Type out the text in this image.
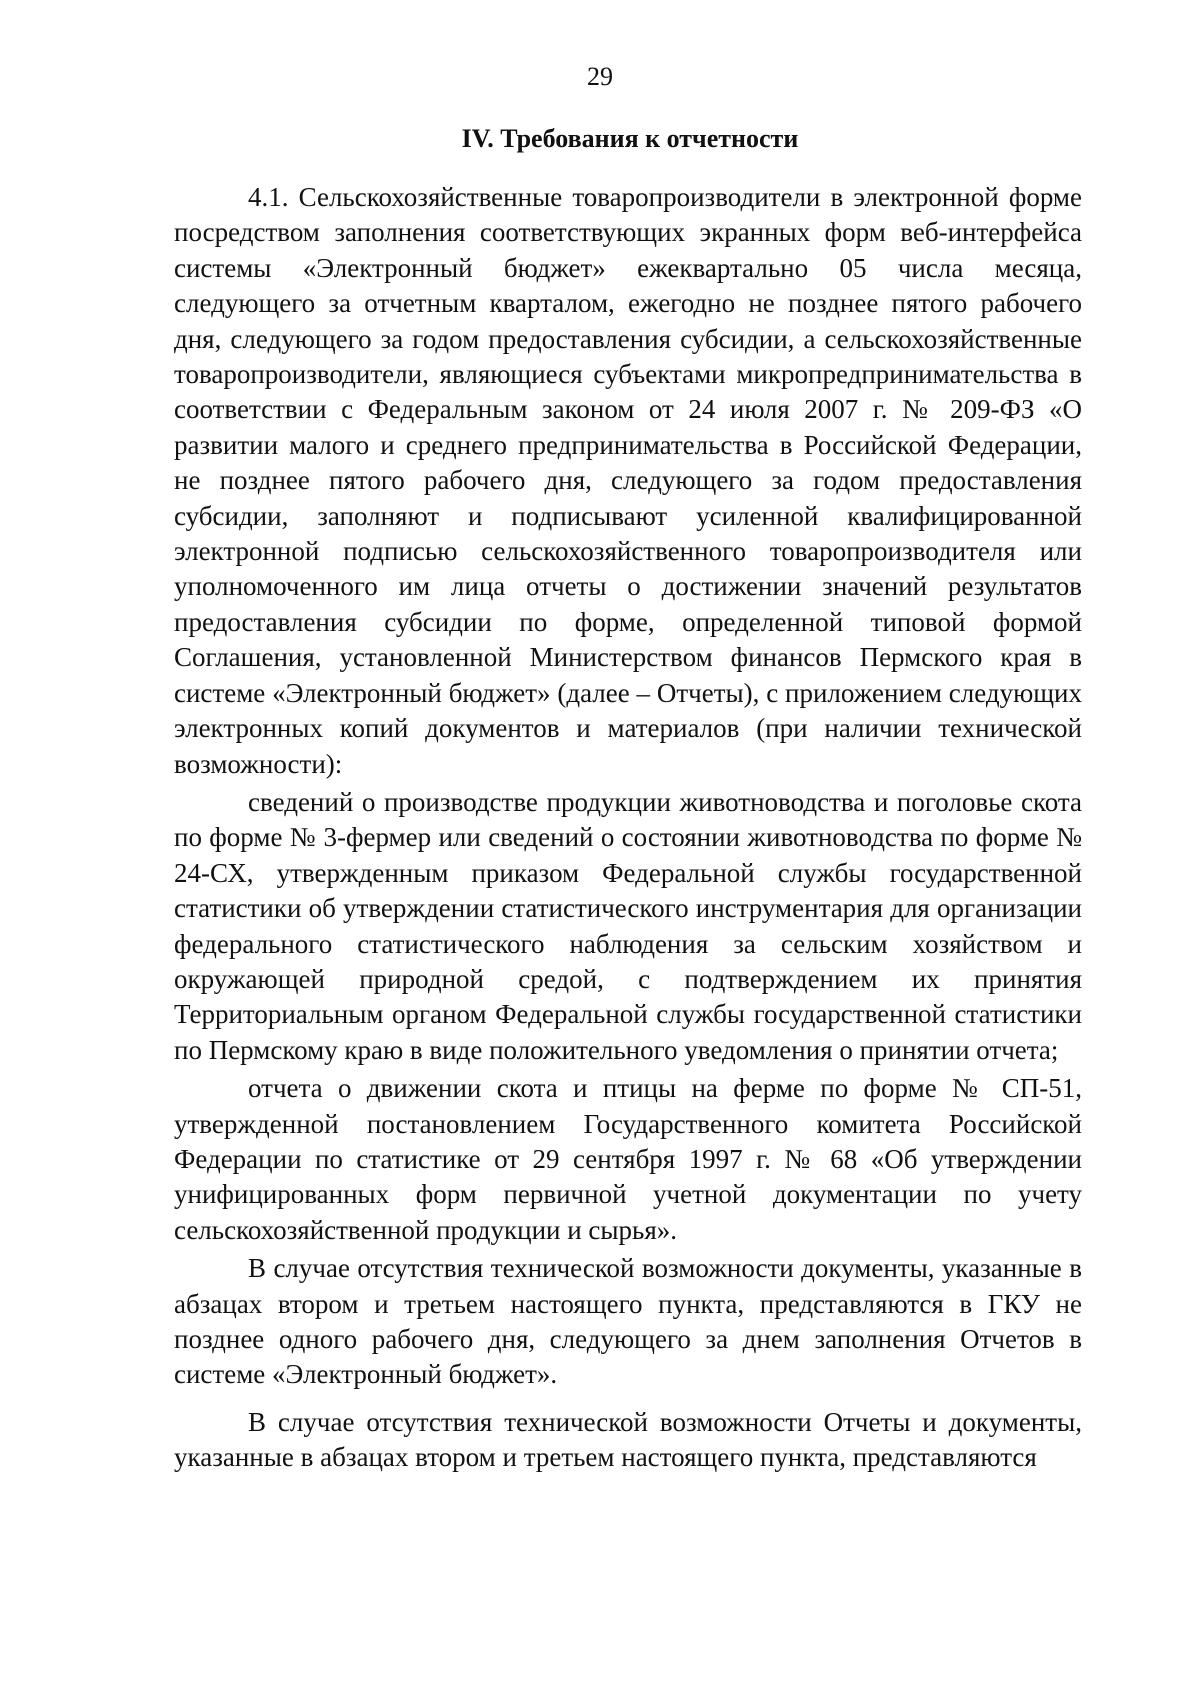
29
IV. Требования к отчетности

4.1. Сельскохозяйственные товаропроизводители в электронной форме посредством заполнения соответствующих экранных форм веб-интерфейса системы «Электронный бюджет» ежеквартально 05 числа месяца, следующего за отчетным кварталом, ежегодно не позднее пятого рабочего дня, следующего за годом предоставления субсидии, а сельскохозяйственные товаропроизводители, являющиеся субъектами микропредпринимательства в соответствии с Федеральным законом от 24 июля 2007 г. № 209-ФЗ «О развитии малого и среднего предпринимательства в Российской Федерации, не позднее пятого рабочего дня, следующего за годом предоставления субсидии, заполняют и подписывают усиленной квалифицированной электронной подписью сельскохозяйственного товаропроизводителя или уполномоченного им лица отчеты о достижении значений результатов предоставления субсидии по форме, определенной типовой формой Соглашения, установленной Министерством финансов Пермского края в системе «Электронный бюджет» (далее – Отчеты), с приложением следующих электронных копий документов и материалов (при наличии технической возможности):

сведений о производстве продукции животноводства и поголовье скота по форме № 3-фермер или сведений о состоянии животноводства по форме № 24-СХ, утвержденным приказом Федеральной службы государственной статистики об утверждении статистического инструментария для организации федерального статистического наблюдения за сельским хозяйством и окружающей природной средой, с подтверждением их принятия Территориальным органом Федеральной службы государственной статистики по Пермскому краю в виде положительного уведомления о принятии отчета;

отчета о движении скота и птицы на ферме по форме № СП-51, утвержденной постановлением Государственного комитета Российской Федерации по статистике от 29 сентября 1997 г. № 68 «Об утверждении унифицированных форм первичной учетной документации по учету сельскохозяйственной продукции и сырья».

В случае отсутствия технической возможности документы, указанные в абзацах втором и третьем настоящего пункта, представляются в ГКУ не позднее одного рабочего дня, следующего за днем заполнения Отчетов в системе «Электронный бюджет».

В случае отсутствия технической возможности Отчеты и документы, указанные в абзацах втором и третьем настоящего пункта, представляются
